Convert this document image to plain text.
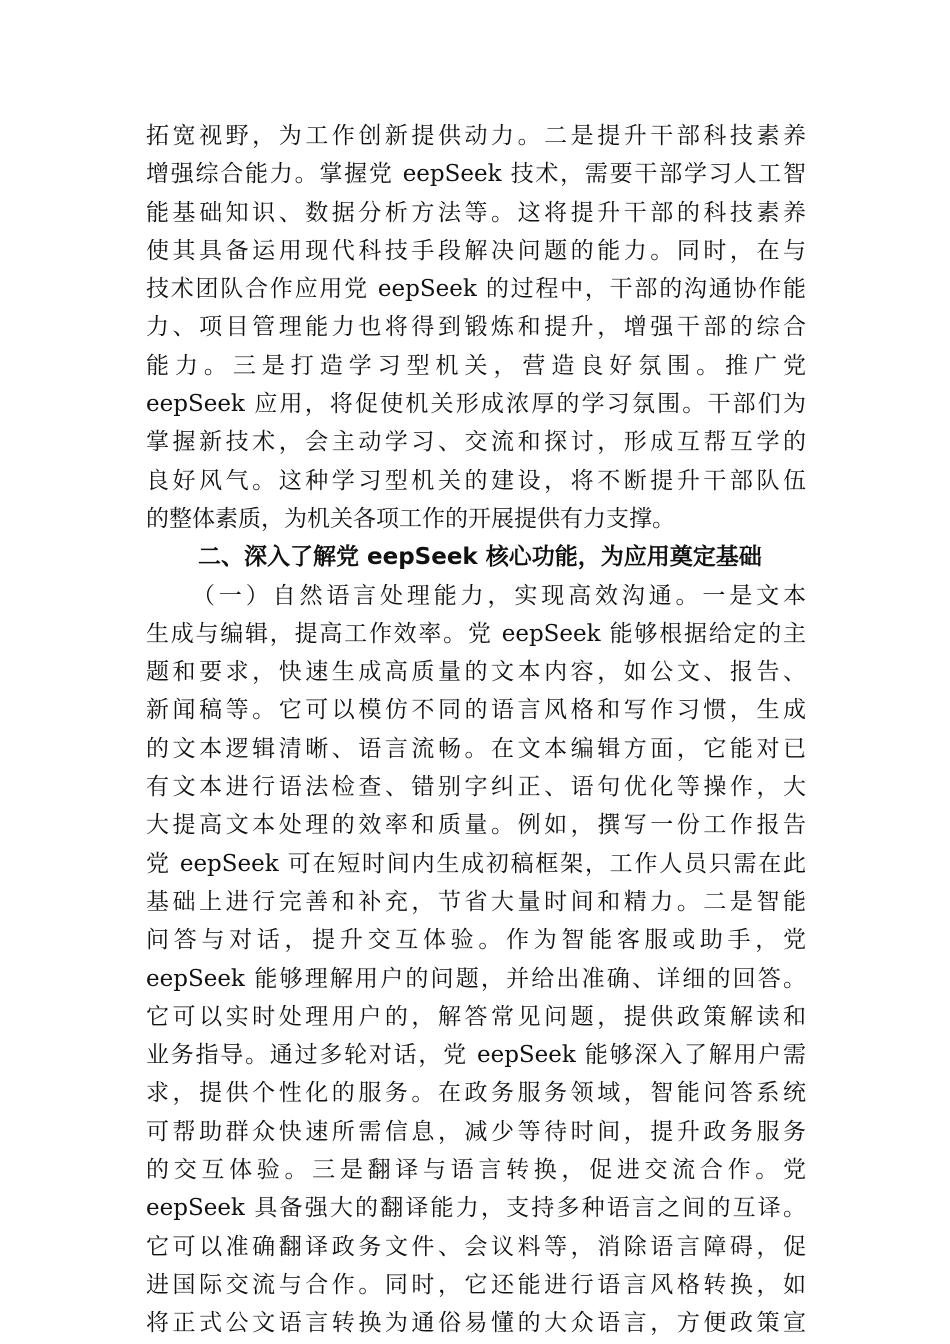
拓宽视野，为工作创新提供动力。二是提升干部科技素养
增强综合能力。掌握党 eepSeek 技术，需要干部学习人工智
能基础知识、数据分析方法等。这将提升干部的科技素养
使其具备运用现代科技手段解决问题的能力。同时，在与
技术团队合作应用党 eepSeek 的过程中，干部的沟通协作能
力、项目管理能力也将得到锻炼和提升，增强干部的综合
能力。三是打造学习型机关，营造良好氛围。推广党
eepSeek 应用，将促使机关形成浓厚的学习氛围。干部们为
掌握新技术，会主动学习、交流和探讨，形成互帮互学的
良好风气。这种学习型机关的建设，将不断提升干部队伍
的整体素质，为机关各项工作的开展提供有力支撑。
二、深入了解党 eepSeek 核心功能，为应用奠定基础
（一）自然语言处理能力，实现高效沟通。一是文本
生成与编辑，提高工作效率。党 eepSeek 能够根据给定的主
题和要求，快速生成高质量的文本内容，如公文、报告、
新闻稿等。它可以模仿不同的语言风格和写作习惯，生成
的文本逻辑清晰、语言流畅。在文本编辑方面，它能对已
有文本进行语法检查、错别字纠正、语句优化等操作，大
大提高文本处理的效率和质量。例如，撰写一份工作报告
党 eepSeek 可在短时间内生成初稿框架，工作人员只需在此
基础上进行完善和补充，节省大量时间和精力。二是智能
问答与对话，提升交互体验。作为智能客服或助手，党
eepSeek 能够理解用户的问题，并给出准确、详细的回答。
它可以实时处理用户的，解答常见问题，提供政策解读和
业务指导。通过多轮对话，党 eepSeek 能够深入了解用户需
求，提供个性化的服务。在政务服务领域，智能问答系统
可帮助群众快速所需信息，减少等待时间，提升政务服务
的交互体验。三是翻译与语言转换，促进交流合作。党
eepSeek 具备强大的翻译能力，支持多种语言之间的互译。
它可以准确翻译政务文件、会议料等，消除语言障碍，促
进国际交流与合作。同时，它还能进行语言风格转换，如
将正式公文语言转换为通俗易懂的大众语言，方便政策宣
